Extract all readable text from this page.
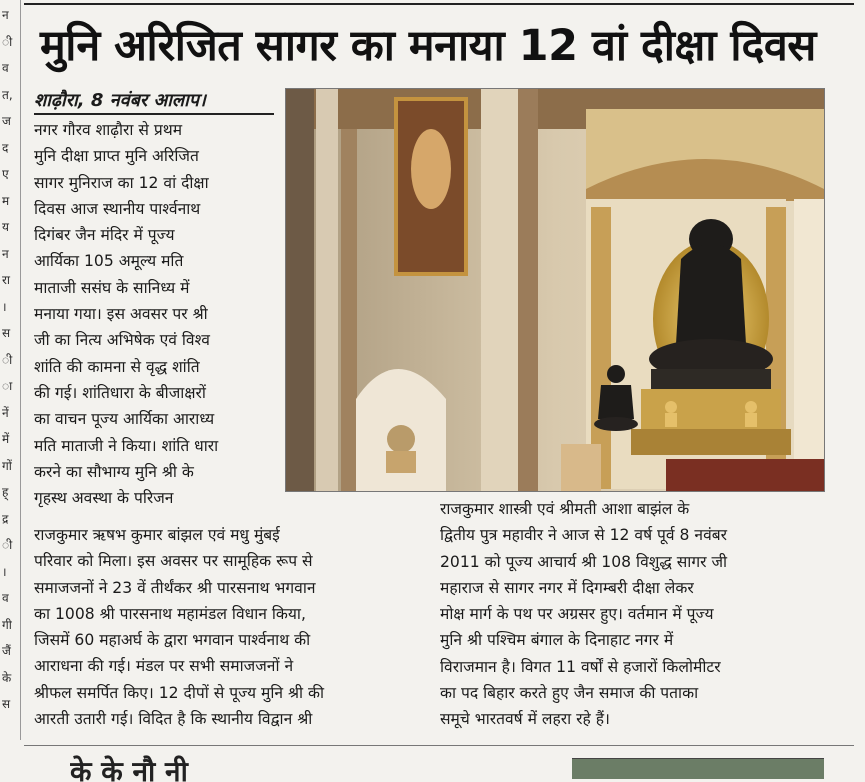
न
ी
व
त,
ज
द
ए
म
य
न
रा
।
स
ी
ा
नें
में
गों
ह्
द्र
ी
।
व
गी
जैं
के
स
मुनि अरिजित सागर का मनाया 12 वां दीक्षा दिवस
शाढ़ौरा, 8 नवंबर आलाप।
नगर गौरव शाढ़ौरा से प्रथम
मुनि दीक्षा प्राप्त मुनि अरिजित
सागर मुनिराज का 12 वां दीक्षा
दिवस आज स्थानीय पार्श्वनाथ
दिगंबर जैन मंदिर में पूज्य
आर्यिका 105 अमूल्य मति
माताजी ससंघ के सानिध्य में
मनाया गया। इस अवसर पर श्री
जी का नित्य अभिषेक एवं विश्व
शांति की कामना से वृद्ध शांति
की गई। शांतिधारा के बीजाक्षरों
का वाचन पूज्य आर्यिका आराध्य
मति माताजी ने किया। शांति धारा
करने का सौभाग्य मुनि श्री के
गृहस्थ अवस्था के परिजन
राजकुमार ऋषभ कुमार बांझल एवं मधु मुंबई
परिवार को मिला। इस अवसर पर सामूहिक रूप से
समाजजनों ने 23 वें तीर्थंकर श्री पारसनाथ भगवान
का 1008 श्री पारसनाथ महामंडल विधान किया,
जिसमें 60 महाअर्घ के द्वारा भगवान पार्श्वनाथ की
आराधना की गई। मंडल पर सभी समाजजनों ने
श्रीफल समर्पित किए। 12 दीपों से पूज्य मुनि श्री की
आरती उतारी गई। विदित है कि स्थानीय विद्वान श्री
राजकुमार शास्त्री एवं श्रीमती आशा बाझंल के
द्वितीय पुत्र महावीर ने आज से 12 वर्ष पूर्व 8 नवंबर
2011 को पूज्य आचार्य श्री 108 विशुद्ध सागर जी
महाराज से सागर नगर में दिगम्बरी दीक्षा लेकर
मोक्ष मार्ग के पथ पर अग्रसर हुए। वर्तमान में पूज्य
मुनि श्री पश्चिम बंगाल के दिनाहाट नगर में
विराजमान है। विगत 11 वर्षों से हजारों किलोमीटर
का पद बिहार करते हुए जैन समाज की पताका
समूचे भारतवर्ष में लहरा रहे हैं।
के के नौ नी
